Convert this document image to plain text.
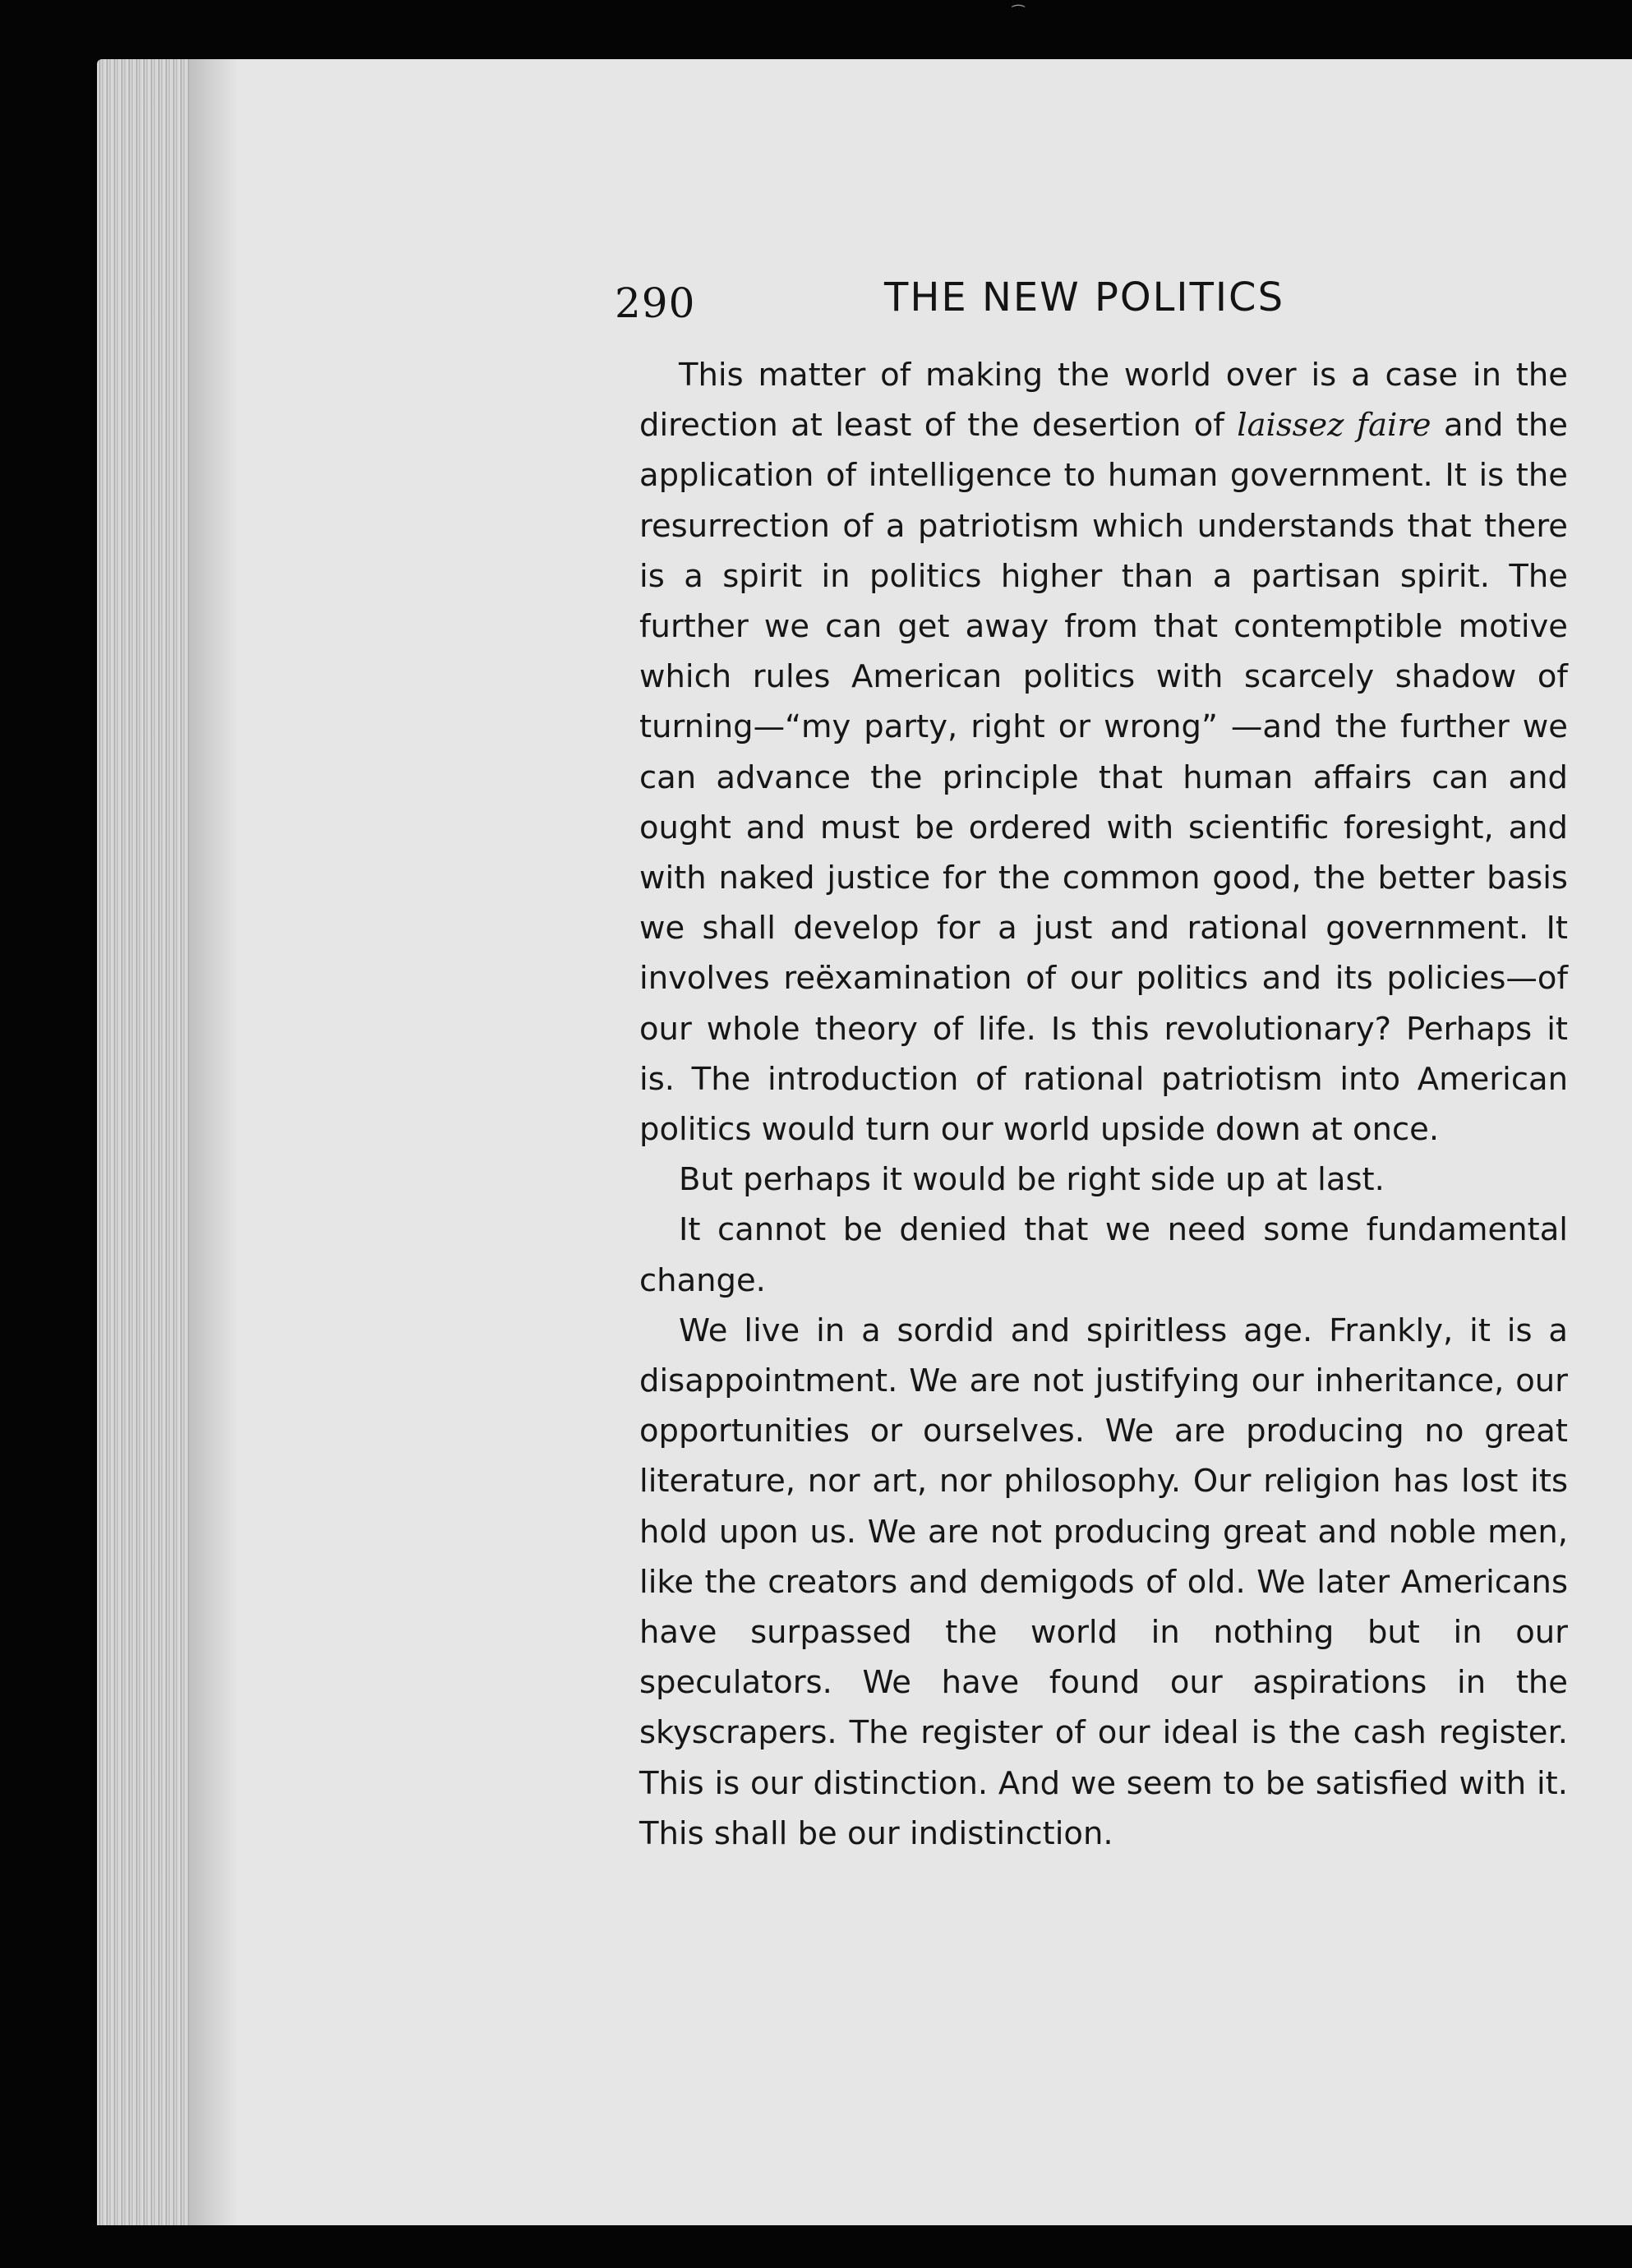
⁀
290	THE NEW POLITICS

This matter of making the world over is a case in the direction at least of the desertion of laissez faire and the application of intelligence to human government. It is the resurrection of a patriotism which understands that there is a spirit in politics higher than a partisan spirit. The further we can get away from that contemptible motive which rules American politics with scarcely shadow of turning—“my party, right or wrong” —and the further we can advance the principle that human affairs can and ought and must be ordered with scientific foresight, and with naked justice for the common good, the better basis we shall develop for a just and rational government. It involves reëxamination of our politics and its policies—of our whole theory of life. Is this revolutionary? Perhaps it is. The introduction of rational patriotism into American politics would turn our world upside down at once.

But perhaps it would be right side up at last.

It cannot be denied that we need some fundamental change.

We live in a sordid and spiritless age. Frankly, it is a disappointment. We are not justifying our inheritance, our opportunities or ourselves. We are producing no great literature, nor art, nor philosophy. Our religion has lost its hold upon us. We are not producing great and noble men, like the creators and demigods of old. We later Americans have surpassed the world in nothing but in our speculators. We have found our aspirations in the skyscrapers. The register of our ideal is the cash register. This is our distinction. And we seem to be satisfied with it. This shall be our indistinction.
